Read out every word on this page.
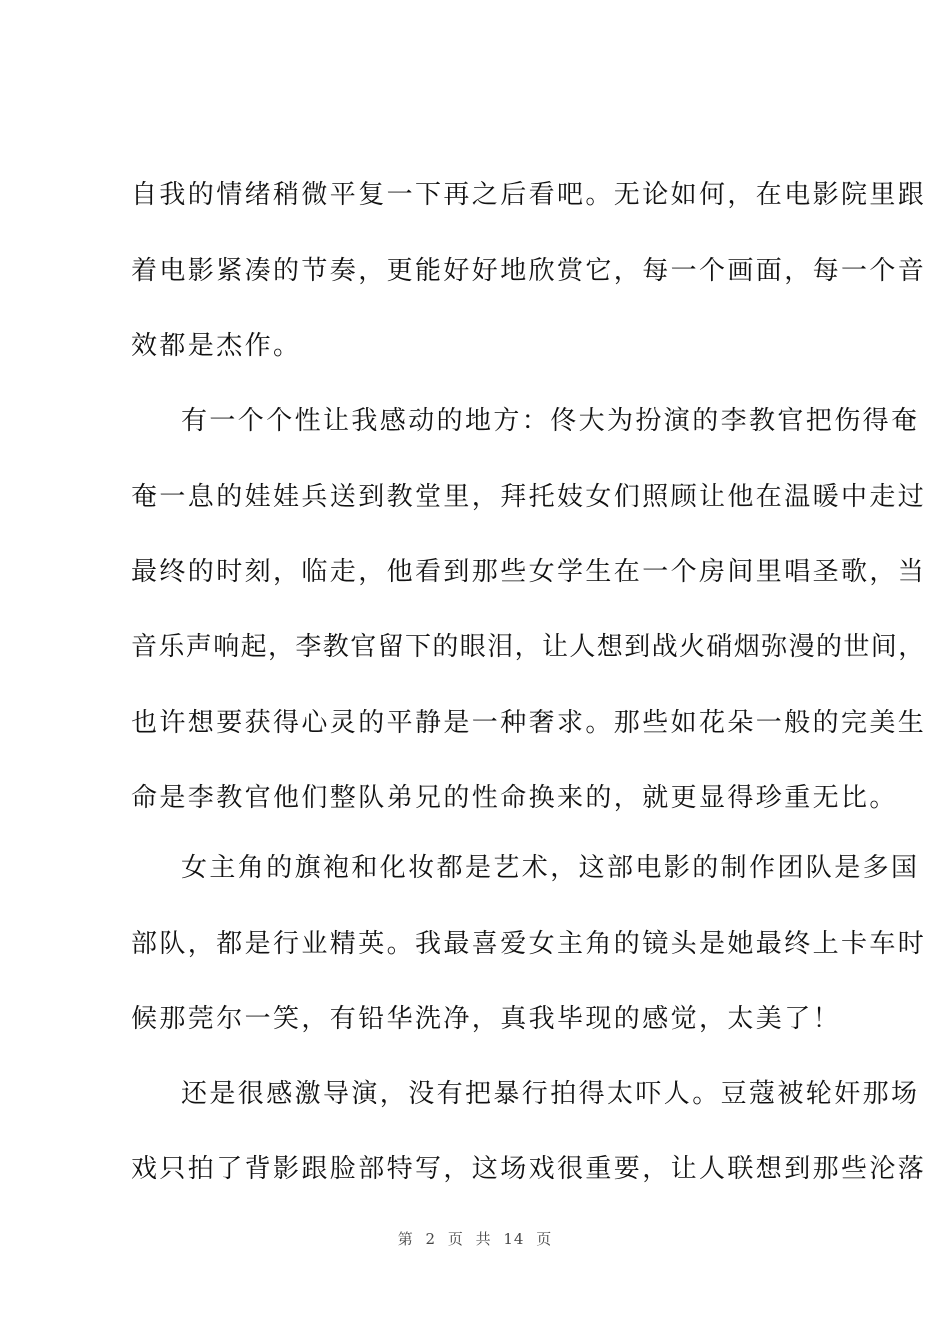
自我的情绪稍微平复一下再之后看吧。无论如何，在电影院里跟
着电影紧凑的节奏，更能好好地欣赏它，每一个画面，每一个音
效都是杰作。
有一个个性让我感动的地方：佟大为扮演的李教官把伤得奄
奄一息的娃娃兵送到教堂里，拜托妓女们照顾让他在温暖中走过
最终的时刻，临走，他看到那些女学生在一个房间里唱圣歌，当
音乐声响起，李教官留下的眼泪，让人想到战火硝烟弥漫的世间，
也许想要获得心灵的平静是一种奢求。那些如花朵一般的完美生
命是李教官他们整队弟兄的性命换来的，就更显得珍重无比。
女主角的旗袍和化妆都是艺术，这部电影的制作团队是多国
部队，都是行业精英。我最喜爱女主角的镜头是她最终上卡车时
候那莞尔一笑，有铅华洗净，真我毕现的感觉，太美了！
还是很感激导演，没有把暴行拍得太吓人。豆蔻被轮奸那场
戏只拍了背影跟脸部特写，这场戏很重要，让人联想到那些沦落
第 2 页 共 14 页
